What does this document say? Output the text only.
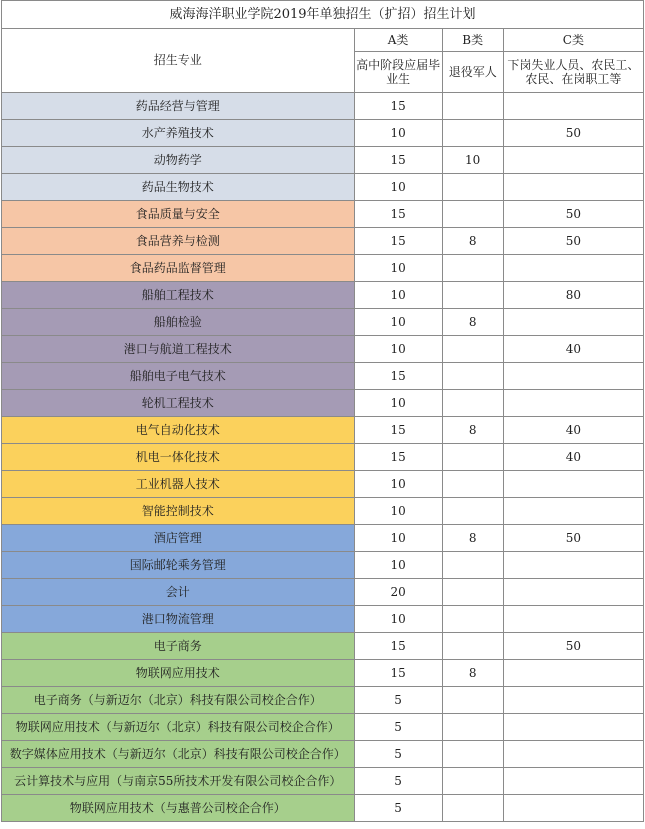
威海海洋职业学院2019年单独招生（扩招）招生计划			
招生专业	A类	B类	C类
	高中阶段应届毕业生	退役军人	下岗失业人员、农民工、农民、在岗职工等
药品经营与管理	15		
水产养殖技术	10		50
动物药学	15	10	
药品生物技术	10		
食品质量与安全	15		50
食品营养与检测	15	8	50
食品药品监督管理	10		
船舶工程技术	10		80
船舶检验	10	8	
港口与航道工程技术	10		40
船舶电子电气技术	15		
轮机工程技术	10		
电气自动化技术	15	8	40
机电一体化技术	15		40
工业机器人技术	10		
智能控制技术	10		
酒店管理	10	8	50
国际邮轮乘务管理	10		
会计	20		
港口物流管理	10		
电子商务	15		50
物联网应用技术	15	8	
电子商务（与新迈尔（北京）科技有限公司校企合作）	5		
物联网应用技术（与新迈尔（北京）科技有限公司校企合作）	5		
数字媒体应用技术（与新迈尔（北京）科技有限公司校企合作）	5		
云计算技术与应用（与南京55所技术开发有限公司校企合作）	5		
物联网应用技术（与惠普公司校企合作）	5		
